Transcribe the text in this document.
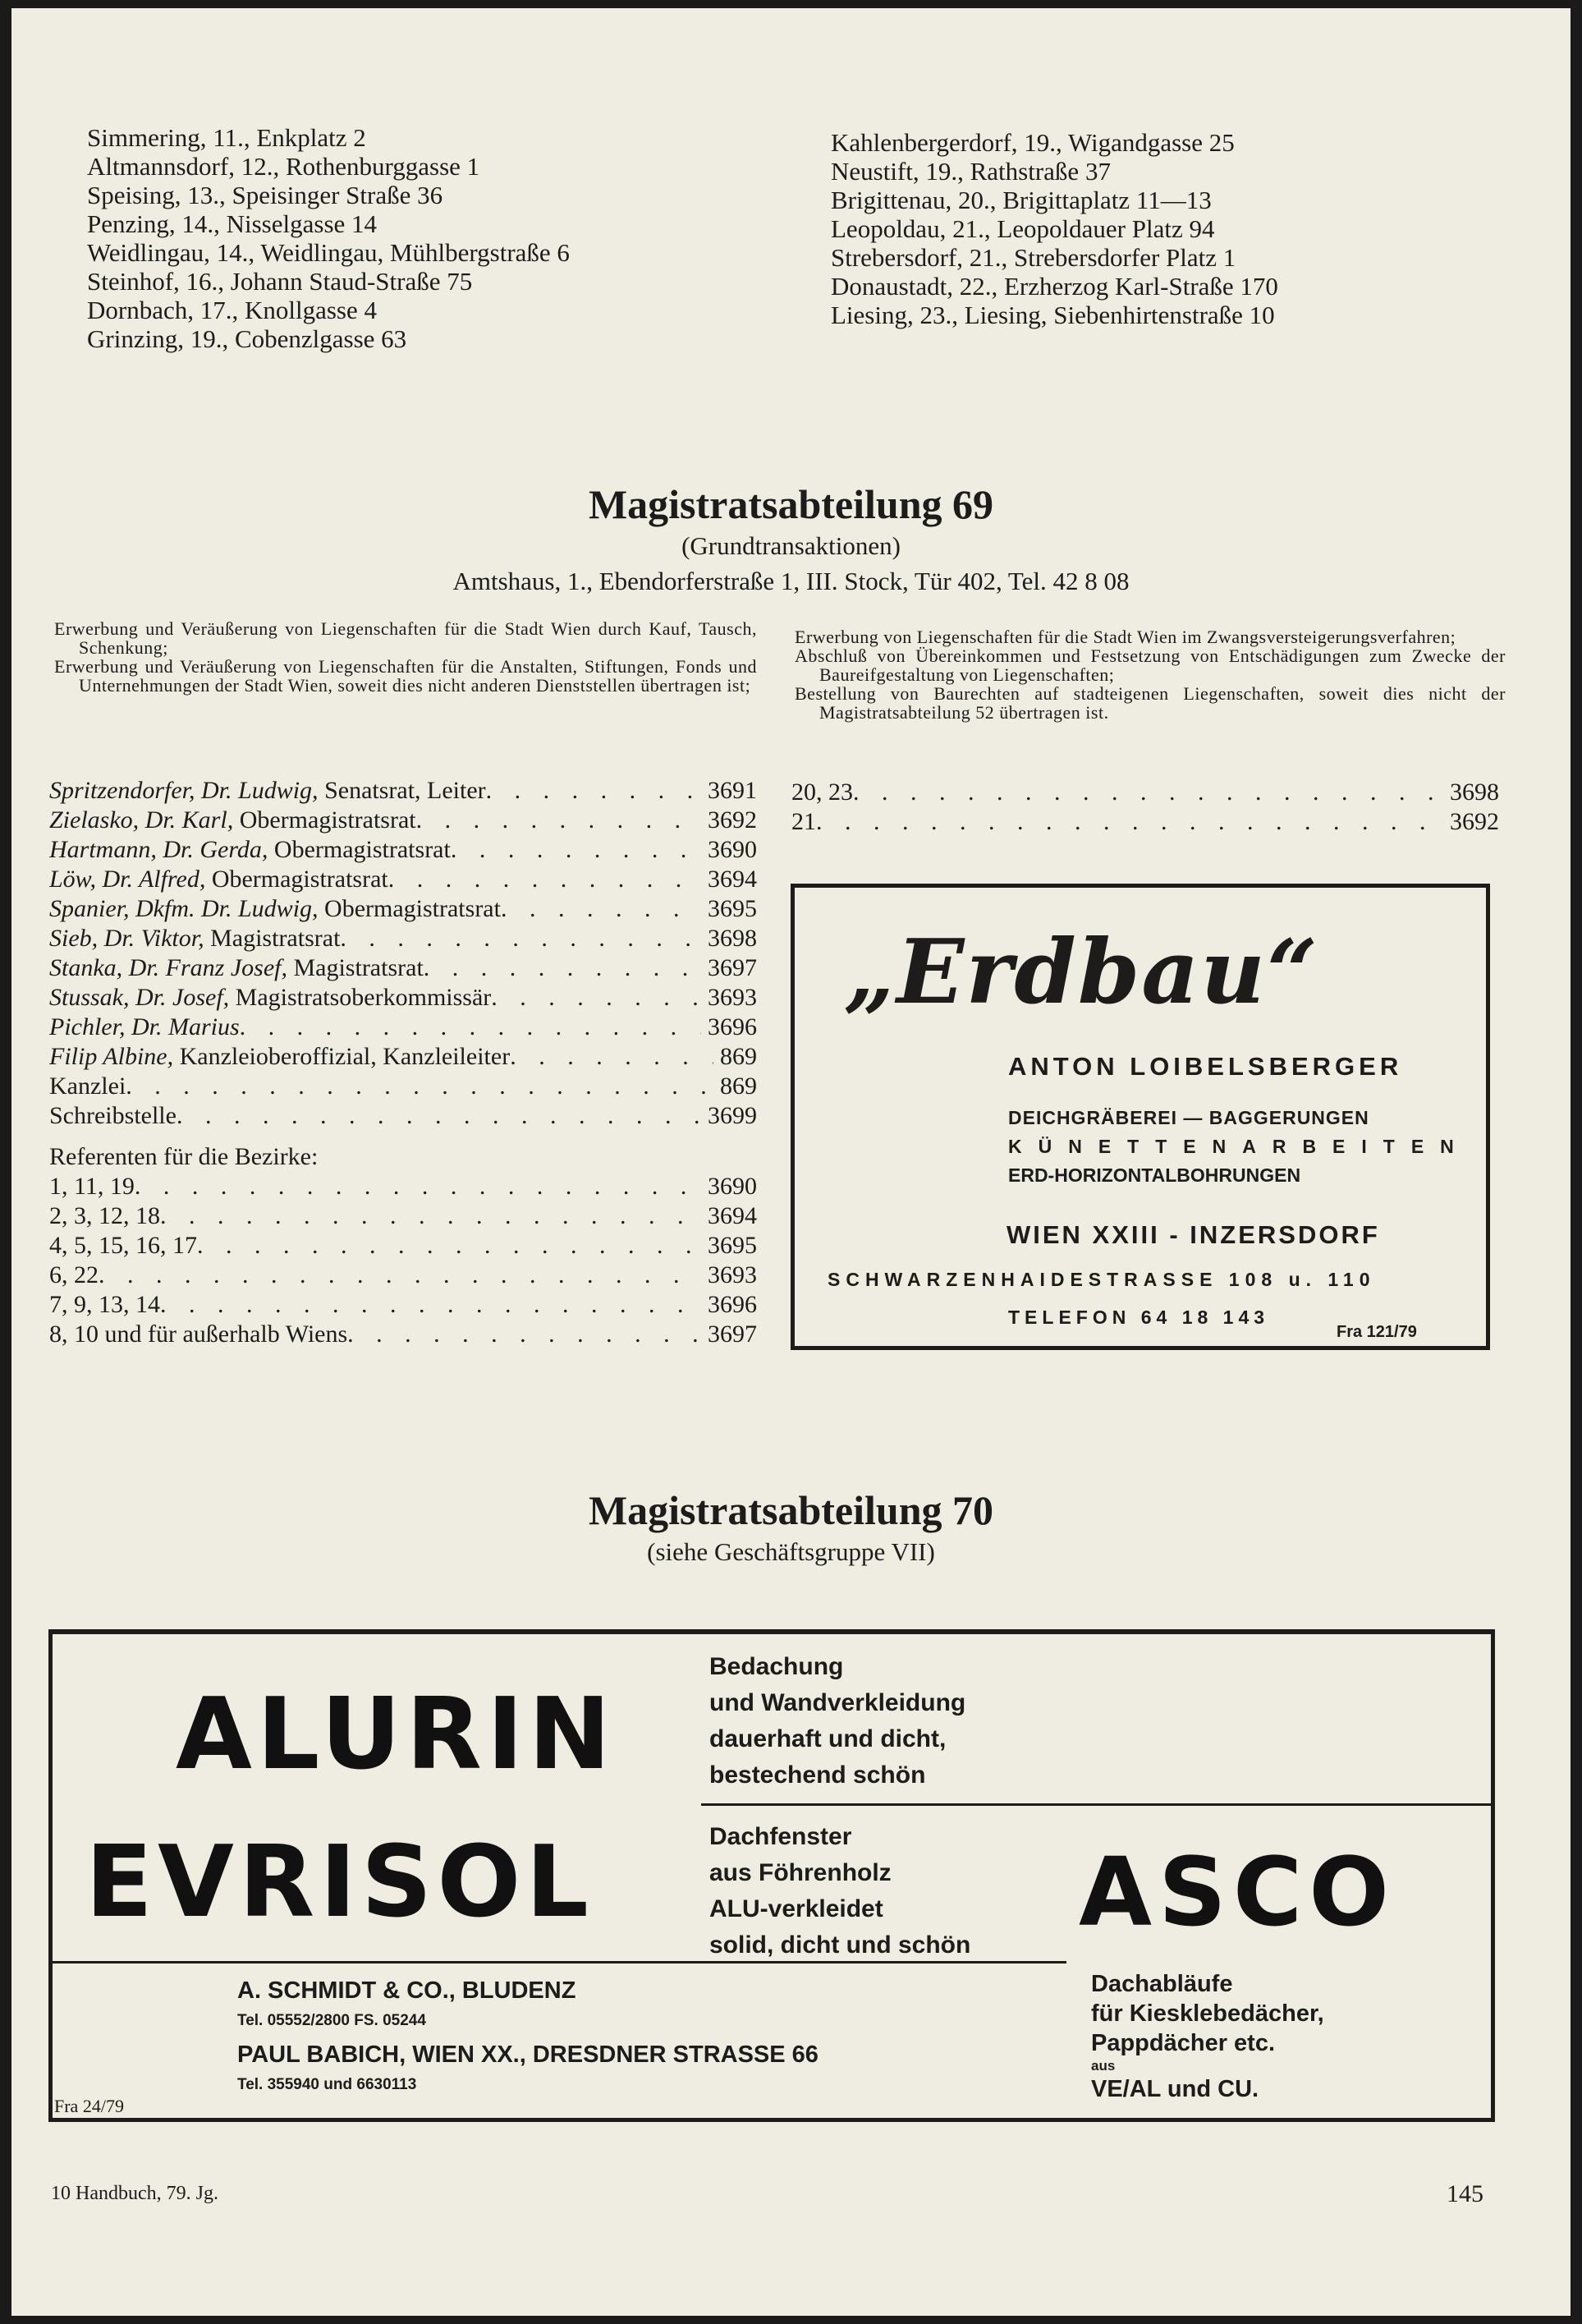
Simmering, 11., Enkplatz 2
Altmannsdorf, 12., Rothenburggasse 1
Speising, 13., Speisinger Straße 36
Penzing, 14., Nisselgasse 14
Weidlingau, 14., Weidlingau, Mühlbergstraße 6
Steinhof, 16., Johann Staud-Straße 75
Dornbach, 17., Knollgasse 4
Grinzing, 19., Cobenzlgasse 63
Kahlenbergerdorf, 19., Wigandgasse 25
Neustift, 19., Rathstraße 37
Brigittenau, 20., Brigittaplatz 11—13
Leopoldau, 21., Leopoldauer Platz 94
Strebersdorf, 21., Strebersdorfer Platz 1
Donaustadt, 22., Erzherzog Karl-Straße 170
Liesing, 23., Liesing, Siebenhirtenstraße 10
Magistratsabteilung 69
(Grundtransaktionen)
Amtshaus, 1., Ebendorferstraße 1, III. Stock, Tür 402, Tel. 42 8 08

Erwerbung und Veräußerung von Liegenschaften für die Stadt Wien durch Kauf, Tausch, Schenkung;

Erwerbung und Veräußerung von Liegenschaften für die Anstalten, Stiftungen, Fonds und Unternehmungen der Stadt Wien, soweit dies nicht anderen Dienststellen übertragen ist;

Erwerbung von Liegenschaften für die Stadt Wien im Zwangsversteigerungsverfahren;

Abschluß von Übereinkommen und Festsetzung von Entschädigungen zum Zwecke der Baureifgestaltung von Liegenschaften;

Bestellung von Baurechten auf stadteigenen Liegenschaften, soweit dies nicht der Magistratsabteilung 52 übertragen ist.

Spritzendorfer, Dr. Ludwig, Senatsrat, Leiter . . .	3691
Zielasko, Dr. Karl, Obermagistratsrat . . .	3692
Hartmann, Dr. Gerda, Obermagistratsrat . . .	3690
Löw, Dr. Alfred, Obermagistratsrat . . .	3694
Spanier, Dkfm. Dr. Ludwig, Obermagistratsrat . . .	3695
Sieb, Dr. Viktor, Magistratsrat . . .	3698
Stanka, Dr. Franz Josef, Magistratsrat . . .	3697
Stussak, Dr. Josef, Magistratsoberkommissär . . .	3693
Pichler, Dr. Marius . . .	3696
Filip Albine, Kanzleioberoffizial, Kanzleileiter . . .	869
Kanzlei . . .	869
Schreibstelle . . .	3699
Referenten für die Bezirke:
1, 11, 19 . . .	3690
2, 3, 12, 18 . . .	3694
4, 5, 15, 16, 17 . . .	3695
6, 22 . . .	3693
7, 9, 13, 14 . . .	3696
8, 10 und für außerhalb Wiens . . .	3697
20, 23 . . .	3698
21 . . .	3692
„Erdbau“
ANTON LOIBELSBERGER
DEICHGRÄBEREI — BAGGERUNGEN
KÜNETTENARBEITEN
ERD-HORIZONTALBOHRUNGEN
WIEN XXIII - INZERSDORF
SCHWARZENHAIDESTRASSE 108 u. 110
TELEFON 64 18 143
Fra 121/79
Magistratsabteilung 70
(siehe Geschäftsgruppe VII)
ALURIN
EVRISOL	ASCO
Bedachung
und Wandverkleidung
dauerhaft und dicht,
bestechend schön
Dachfenster
aus Föhrenholz
ALU-verkleidet
solid, dicht und schön
A. SCHMIDT & CO., BLUDENZ
Tel. 05552/2800 FS. 05244
PAUL BABICH, WIEN XX., DRESDNER STRASSE 66
Tel. 355940 und 6630113
Fra 24/79
Dachabläufe
für Kiesklebedächer,
Pappdächer etc.
aus
VE/AL und CU.
10 Handbuch, 79. Jg.	145
